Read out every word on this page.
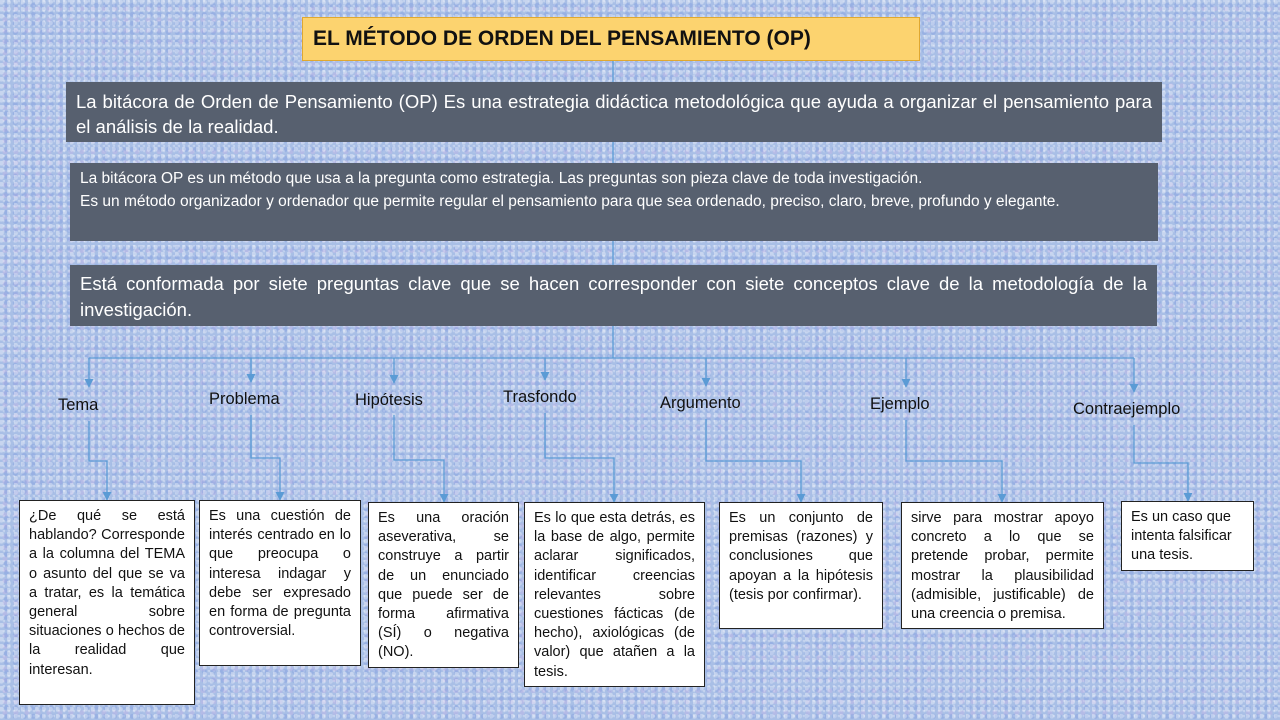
EL MÉTODO DE ORDEN DEL PENSAMIENTO (OP)
La bitácora de Orden de Pensamiento (OP) Es una estrategia didáctica metodológica que ayuda a organizar el pensamiento para el análisis de la realidad.
La bitácora OP es un método que usa a la pregunta como estrategia. Las preguntas son pieza clave de toda investigación.
Es un método organizador y ordenador que permite regular el pensamiento para que sea ordenado, preciso, claro, breve, profundo y elegante.
Está conformada por siete preguntas clave que se hacen corresponder con siete conceptos clave de la metodología de la investigación.
Tema	Problema	Hipótesis	Trasfondo	Argumento	Ejemplo	Contraejemplo
¿De qué se está hablando? Corresponde a la columna del TEMA o asunto del que se va a tratar, es la temática general sobre situaciones o hechos de la realidad que interesan.
Es una cuestión de interés centrado en lo que preocupa o interesa indagar y debe ser expresado en forma de pregunta controversial.
Es una oración aseverativa, se construye a partir de un enunciado que puede ser de forma afirmativa (SÍ) o negativa (NO).
Es lo que esta detrás, es la base de algo, permite aclarar significados, identificar creencias relevantes sobre cuestiones fácticas (de hecho), axiológicas (de valor) que atañen a la tesis.
Es un conjunto de premisas (razones) y conclusiones que apoyan a la hipótesis (tesis por confirmar).
sirve para mostrar apoyo concreto a lo que se pretende probar, permite mostrar la plausibilidad (admisible, justificable) de una creencia o premisa.
Es un caso que intenta falsificar una tesis.
